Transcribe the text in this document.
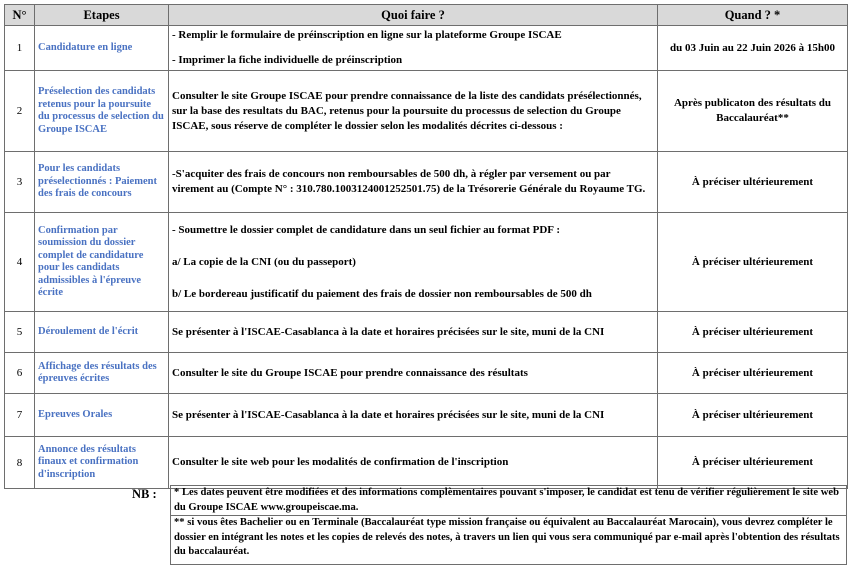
N°	Etapes	Quoi faire ?	Quand ? *
1	Candidature en ligne	- Remplir le formulaire de préinscription en ligne sur la plateforme Groupe ISCAE

- Imprimer la fiche individuelle de préinscription	du 03 Juin au 22 Juin 2026 à 15h00
2	Préselection des candidats retenus pour la poursuite du processus de selection du Groupe ISCAE	Consulter le site Groupe ISCAE pour prendre connaissance de la liste des candidats présélectionnés, sur la base des resultats du BAC, retenus pour la poursuite du processus de selection du Groupe ISCAE, sous réserve de compléter le dossier selon les modalités décrites ci-dessous :	Après publicaton des résultats du Baccalauréat**
3	Pour les candidats préselectionnés : Paiement des frais de concours	-S'acquiter des frais de concours non remboursables de 500 dh, à régler par versement ou par virement au (Compte N° : 310.780.1003124001252501.75) de la Trésorerie Générale du Royaume TG.	À préciser ultérieurement
4	Confirmation par soumission du dossier complet de candidature pour les candidats admissibles à l'épreuve écrite	- Soumettre le dossier complet de candidature dans un seul fichier au format PDF :

a/ La copie de la CNI (ou du passeport)

b/ Le bordereau justificatif du paiement des frais de dossier non remboursables de 500 dh	À préciser ultérieurement
5	Déroulement de l'écrit	Se présenter à l'ISCAE-Casablanca à la date et horaires précisées sur le site, muni de la CNI	À préciser ultérieurement
6	Affichage des résultats des épreuves écrites	Consulter le site du Groupe ISCAE pour prendre connaissance des résultats	À préciser ultérieurement
7	Epreuves Orales	Se présenter à l'ISCAE-Casablanca à la date et horaires précisées sur le site, muni de la CNI	À préciser ultérieurement
8	Annonce des résultats finaux et confirmation d'inscription	Consulter le site web pour les modalités de confirmation de l'inscription	À préciser ultérieurement
NB :	* Les dates peuvent être modifiées et des informations complèmentaires pouvant s'imposer, le candidat est tenu de vérifier régulièrement le site web du Groupe ISCAE www.groupeiscae.ma.
** si vous êtes Bachelier ou en Terminale (Baccalauréat type mission française ou équivalent au Baccalauréat Marocain), vous devrez compléter le dossier en intégrant les notes et les copies de relevés des notes, à travers un lien qui vous sera communiqué par e-mail après l'obtention des résultats du baccalauréat.
